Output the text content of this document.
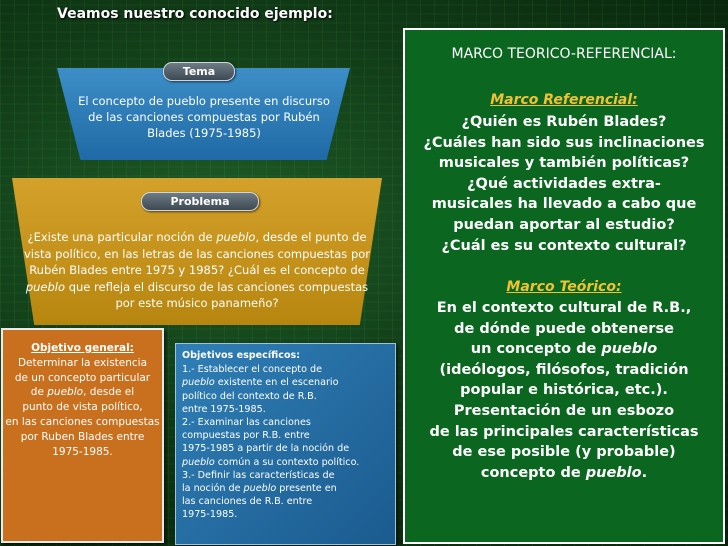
Veamos nuestro conocido ejemplo:

El concepto de pueblo presente en discurso de las canciones compuestas por Rubén Blades (1975-1985)

Tema

¿Existe una particular noción de pueblo, desde el punto de vista político, en las letras de las canciones compuestas por Rubén Blades entre 1975 y 1985? ¿Cuál es el concepto de pueblo que refleja el discurso de las canciones compuestas por este músico panameño?

Problema

Objetivo general:

Determinar la existencia

de un concepto particular

de pueblo, desde el

punto de vista político,

en las canciones compuestas

por Ruben Blades entre

1975-1985.

Objetivos específicos:

1.- Establecer el concepto de

pueblo existente en el escenario

político del contexto de R.B.

entre 1975-1985.

2.- Examinar las canciones

compuestas por R.B. entre

1975-1985 a partir de la noción de

pueblo común a su contexto político.

3.- Definir las características de

la noción de pueblo presente en

las canciones de R.B. entre

1975-1985.

MARCO TEORICO-REFERENCIAL:

Marco Referencial:

¿Quién es Rubén Blades?
¿Cuáles han sido sus inclinaciones
musicales y también políticas?
¿Qué actividades extra-
musicales ha llevado a cabo que
puedan aportar al estudio?
¿Cuál es su contexto cultural?

Marco Teórico:

En el contexto cultural de R.B.,
de dónde puede obtenerse
un concepto de pueblo
(ideólogos, filósofos, tradición
popular e histórica, etc.).
Presentación de un esbozo
de las principales características
de ese posible (y probable)
concepto de pueblo.
